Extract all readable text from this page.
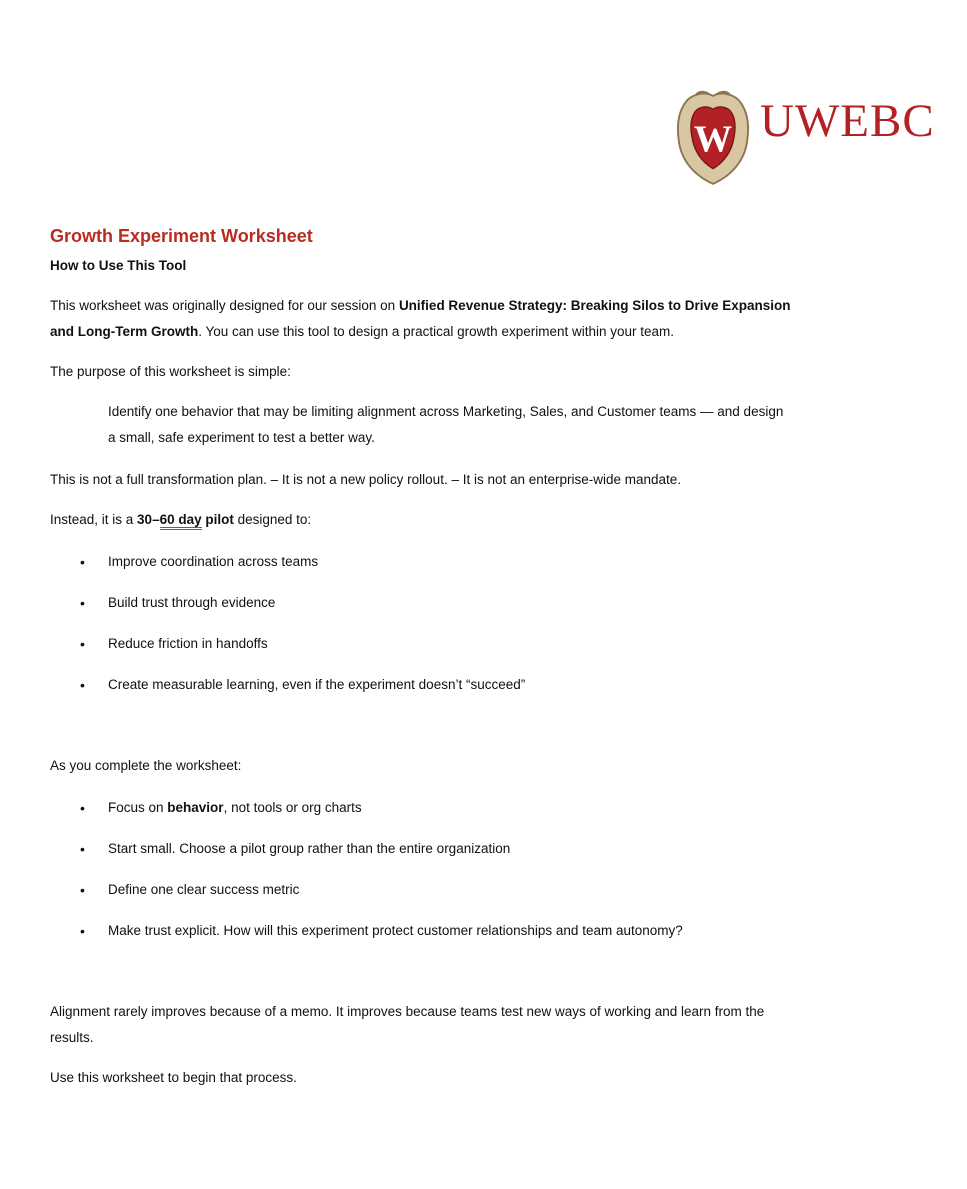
W UWEBC
Growth Experiment Worksheet
How to Use This Tool
This worksheet was originally designed for our session on Unified Revenue Strategy: Breaking Silos to Drive Expansion
and Long-Term Growth. You can use this tool to design a practical growth experiment within your team.
The purpose of this worksheet is simple:
Identify one behavior that may be limiting alignment across Marketing, Sales, and Customer teams — and design
a small, safe experiment to test a better way.
This is not a full transformation plan. – It is not a new policy rollout. – It is not an enterprise-wide mandate.
Instead, it is a 30–60 day pilot designed to:
• Improve coordination across teams
• Build trust through evidence
• Reduce friction in handoffs
• Create measurable learning, even if the experiment doesn’t “succeed”
As you complete the worksheet:
• Focus on behavior, not tools or org charts
• Start small. Choose a pilot group rather than the entire organization
• Define one clear success metric
• Make trust explicit. How will this experiment protect customer relationships and team autonomy?
Alignment rarely improves because of a memo. It improves because teams test new ways of working and learn from the
results.
Use this worksheet to begin that process.
